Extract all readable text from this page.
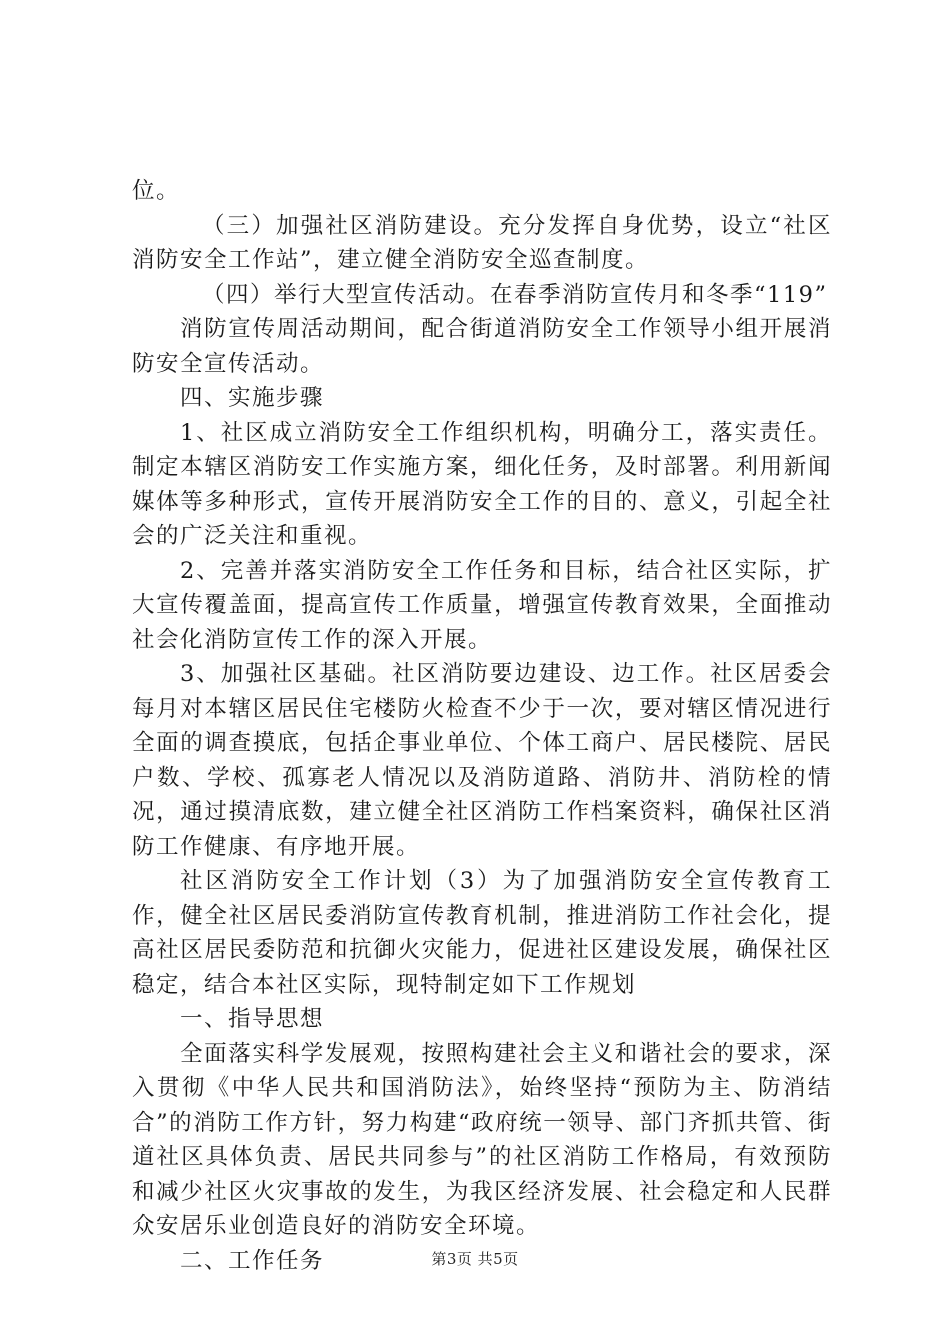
位。

（三）加强社区消防建设。充分发挥自身优势，设立“社区消防安全工作站”，建立健全消防安全巡查制度。

（四）举行大型宣传活动。在春季消防宣传月和冬季“119”

消防宣传周活动期间，配合街道消防安全工作领导小组开展消防安全宣传活动。

四、实施步骤

1、社区成立消防安全工作组织机构，明确分工，落实责任。制定本辖区消防安工作实施方案，细化任务，及时部署。利用新闻媒体等多种形式，宣传开展消防安全工作的目的、意义，引起全社会的广泛关注和重视。

2、完善并落实消防安全工作任务和目标，结合社区实际，扩大宣传覆盖面，提高宣传工作质量，增强宣传教育效果，全面推动社会化消防宣传工作的深入开展。

3、加强社区基础。社区消防要边建设、边工作。社区居委会每月对本辖区居民住宅楼防火检查不少于一次，要对辖区情况进行全面的调查摸底，包括企事业单位、个体工商户、居民楼院、居民户数、学校、孤寡老人情况以及消防道路、消防井、消防栓的情况，通过摸清底数，建立健全社区消防工作档案资料，确保社区消防工作健康、有序地开展。

社区消防安全工作计划（3）为了加强消防安全宣传教育工作，健全社区居民委消防宣传教育机制，推进消防工作社会化，提高社区居民委防范和抗御火灾能力，促进社区建设发展，确保社区稳定，结合本社区实际，现特制定如下工作规划

一、指导思想

全面落实科学发展观，按照构建社会主义和谐社会的要求，深入贯彻《中华人民共和国消防法》，始终坚持“预防为主、防消结合”的消防工作方针，努力构建“政府统一领导、部门齐抓共管、街道社区具体负责、居民共同参与”的社区消防工作格局，有效预防和减少社区火灾事故的发生，为我区经济发展、社会稳定和人民群众安居乐业创造良好的消防安全环境。

二、工作任务	第3页 共5页
